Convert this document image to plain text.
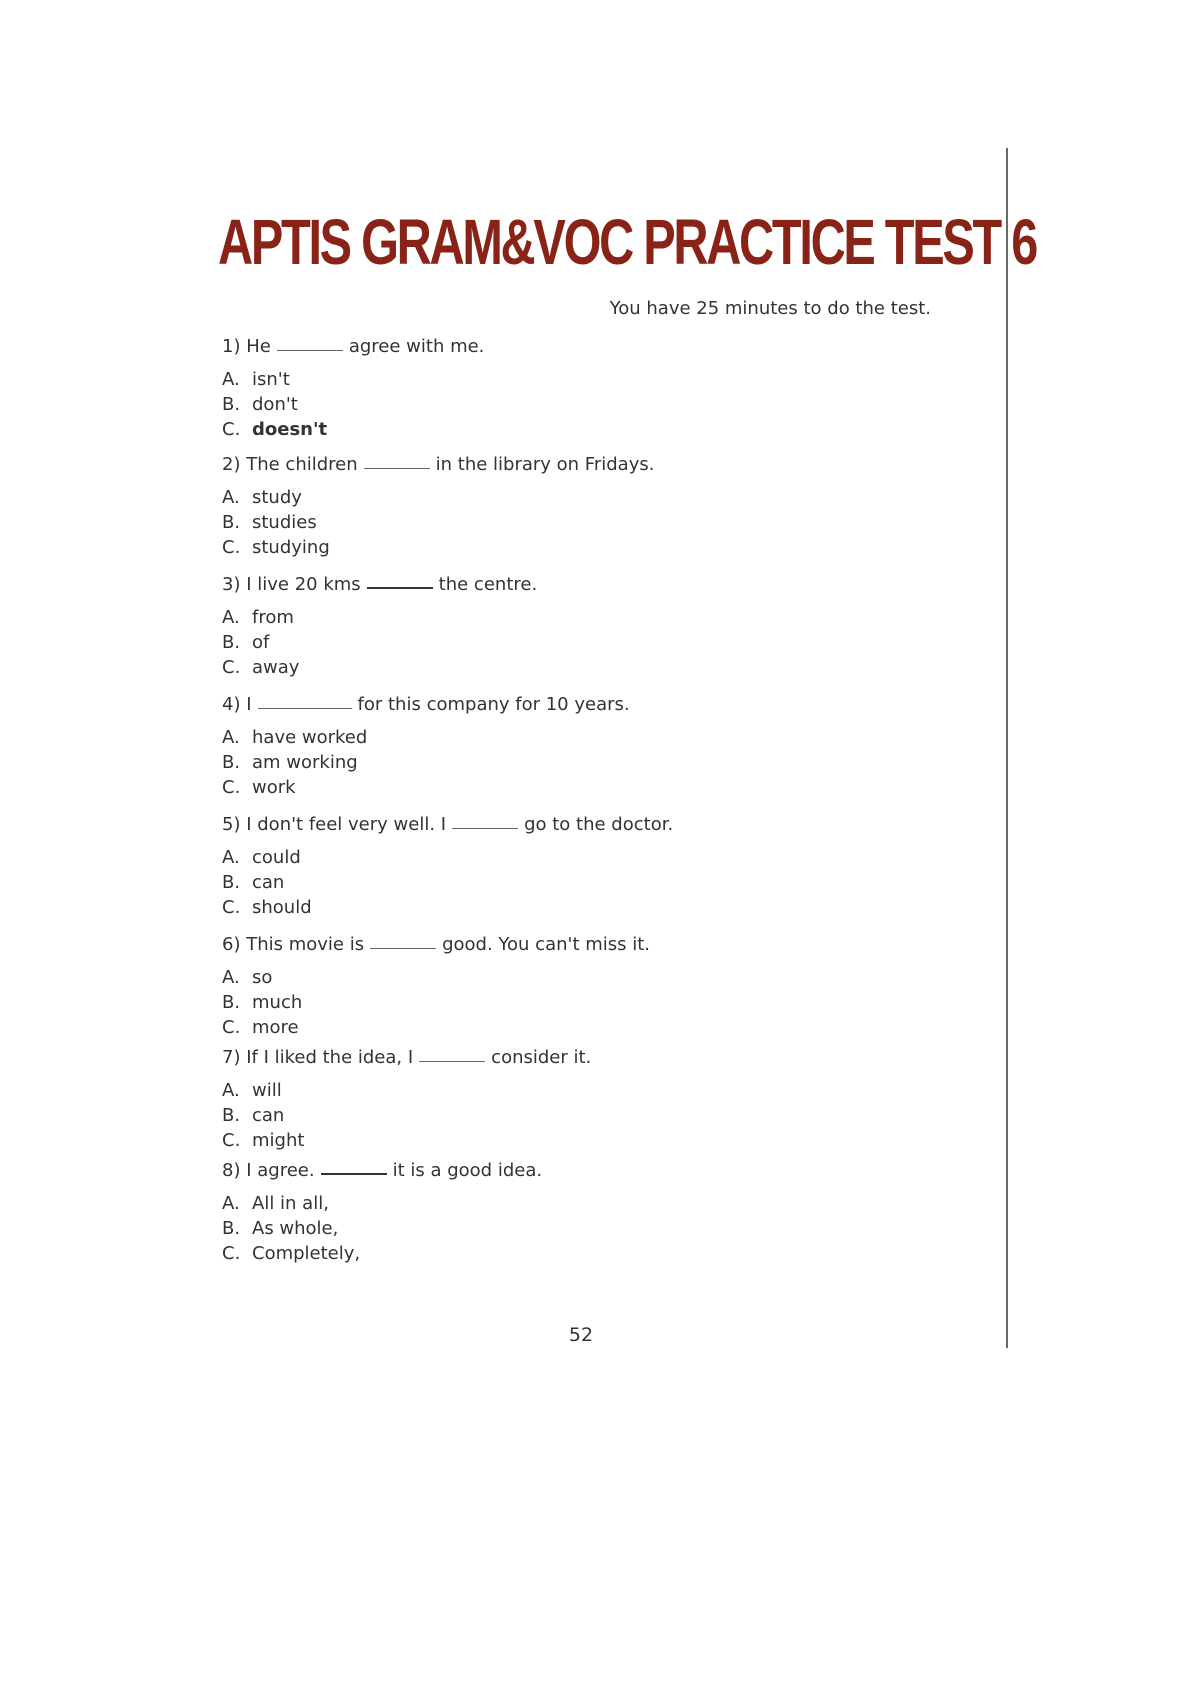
APTIS GRAM&VOC PRACTICE TEST 6
You have 25 minutes to do the test.

1) He	agree with me.

A. isn't
B. don't
C. doesn't

2) The children	in the library on Fridays.

A. study
B. studies
C. studying

3) I live 20 kms	the centre.

A. from
B. of
C. away

4) I	for this company for 10 years.

A. have worked
B. am working
C. work

5) I don't feel very well. I	go to the doctor.

A. could
B. can
C. should

6) This movie is	good. You can't miss it.

A. so
B. much
C. more

7) If I liked the idea, I	consider it.

A. will
B. can
C. might

8) I agree.	it is a good idea.

A. All in all,
B. As whole,
C. Completely,
52
